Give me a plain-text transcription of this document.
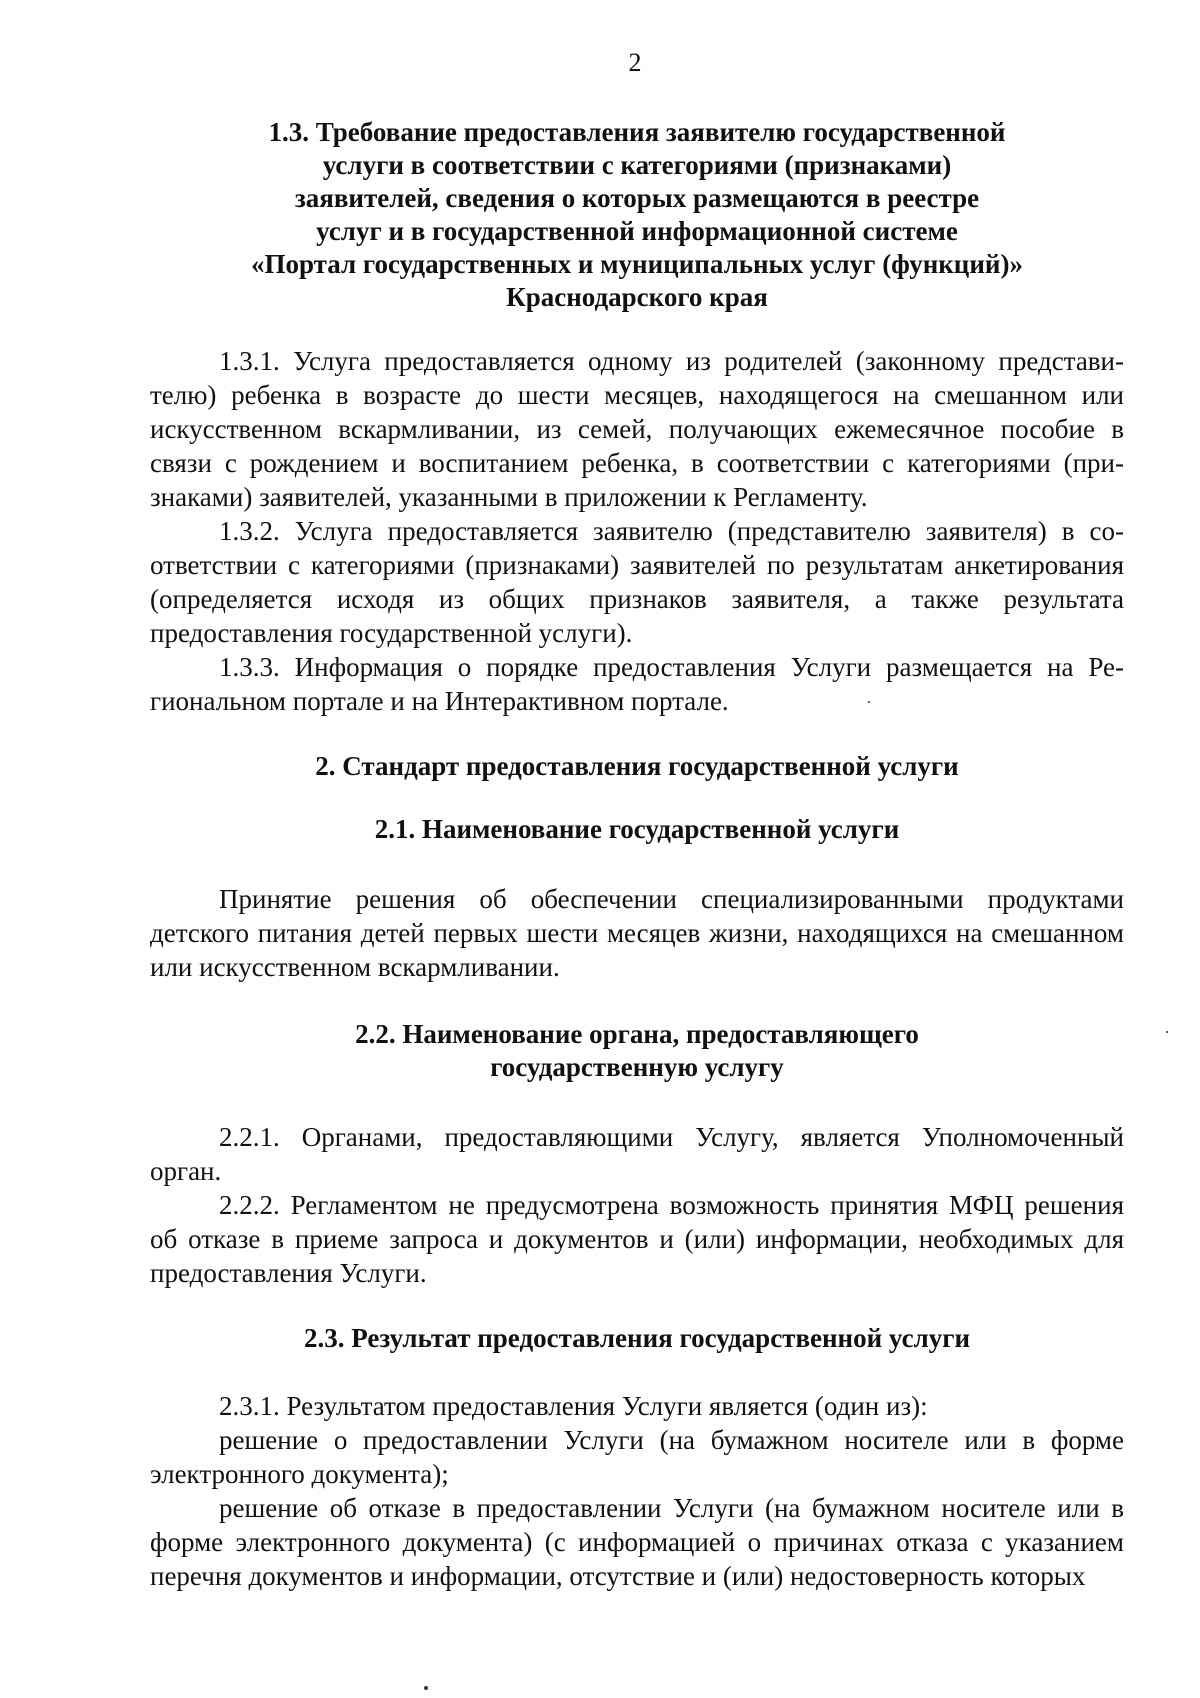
2
1.3. Требование предоставления заявителю государственной
услуги в соответствии с категориями (признаками)
заявителей, сведения о которых размещаются в реестре
услуг и в государственной информационной системе
«Портал государственных и муниципальных услуг (функций)»
Краснодарского края

1.3.1. Услуга предоставляется одному из родителей (законному представителю) ребенка в возрасте до шести месяцев, находящегося на смешанном или искусственном вскармливании, из семей, получающих ежемесячное пособие в связи с рождением и воспитанием ребенка, в соответствии с категориями (признаками) заявителей, указанными в приложении к Регламенту.

1.3.2. Услуга предоставляется заявителю (представителю заявителя) в соответствии с категориями (признаками) заявителей по результатам анкетирования (определяется исходя из общих признаков заявителя, а также результата предоставления государственной услуги).

1.3.3. Информация о порядке предоставления Услуги размещается на Региональном портале и на Интерактивном портале.

2. Стандарт предоставления государственной услуги
2.1. Наименование государственной услуги

Принятие решения об обеспечении специализированными продуктами детского питания детей первых шести месяцев жизни, находящихся на смешанном или искусственном вскармливании.

2.2. Наименование органа, предоставляющего
государственную услугу

2.2.1. Органами, предоставляющими Услугу, является Уполномоченный орган.

2.2.2. Регламентом не предусмотрена возможность принятия МФЦ решения об отказе в приеме запроса и документов и (или) информации, необходимых для предоставления Услуги.

2.3. Результат предоставления государственной услуги

2.3.1. Результатом предоставления Услуги является (один из):

решение о предоставлении Услуги (на бумажном носителе или в форме электронного документа);

решение об отказе в предоставлении Услуги (на бумажном носителе или в форме электронного документа) (с информацией о причинах отказа с указанием перечня документов и информации, отсутствие и (или) недостоверность которых
